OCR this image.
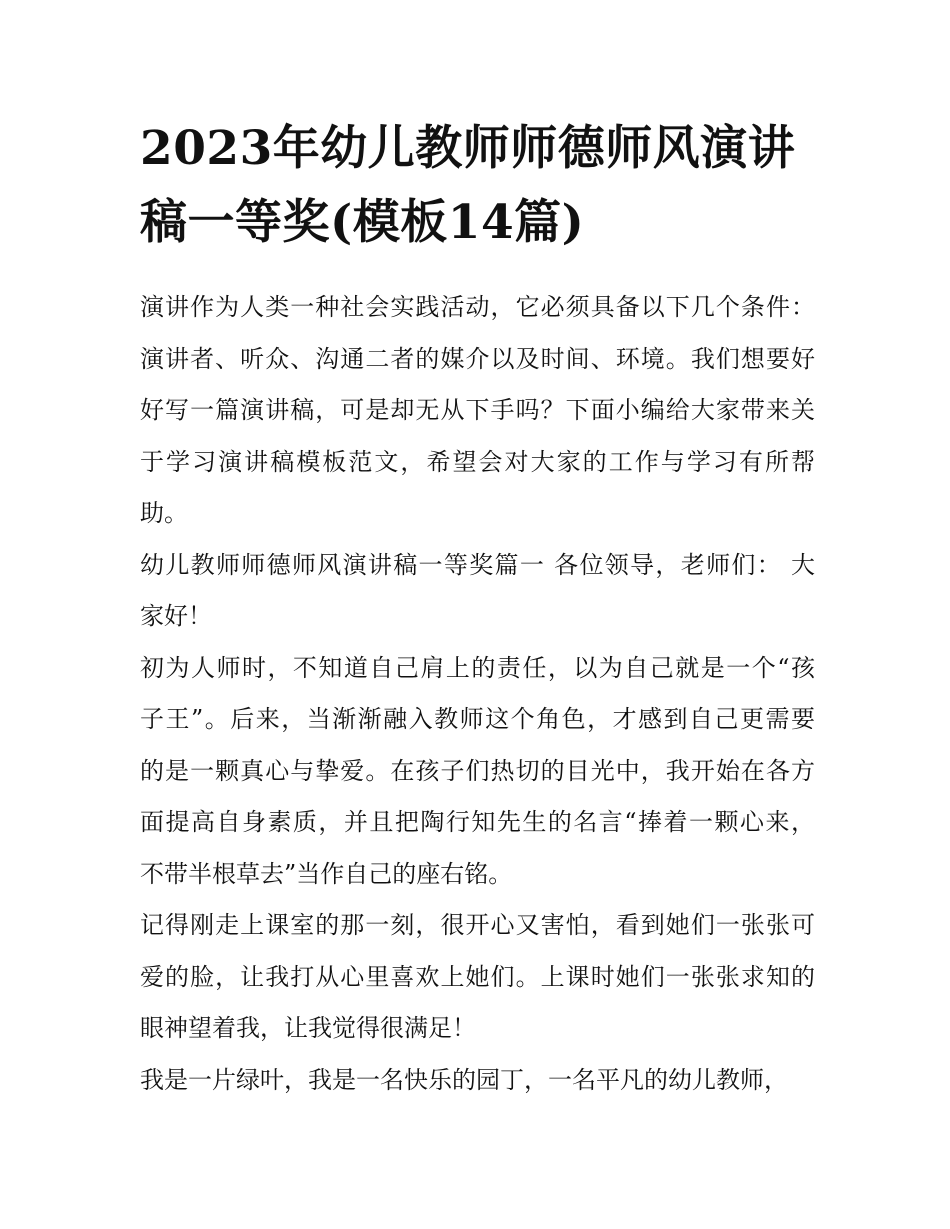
2023年幼儿教师师德师风演讲
稿一等奖(模板14篇)
演讲作为人类一种社会实践活动，它必须具备以下几个条件：
演讲者、听众、沟通二者的媒介以及时间、环境。我们想要好
好写一篇演讲稿，可是却无从下手吗？下面小编给大家带来关
于学习演讲稿模板范文，希望会对大家的工作与学习有所帮
助。
幼儿教师师德师风演讲稿一等奖篇一 各位领导，老师们： 大
家好！
初为人师时，不知道自己肩上的责任，以为自己就是一个“孩
子王”。后来，当渐渐融入教师这个角色，才感到自己更需要
的是一颗真心与挚爱。在孩子们热切的目光中，我开始在各方
面提高自身素质，并且把陶行知先生的名言“捧着一颗心来，
不带半根草去”当作自己的座右铭。
记得刚走上课室的那一刻，很开心又害怕，看到她们一张张可
爱的脸，让我打从心里喜欢上她们。上课时她们一张张求知的
眼神望着我，让我觉得很满足！
我是一片绿叶，我是一名快乐的园丁，一名平凡的幼儿教师，
